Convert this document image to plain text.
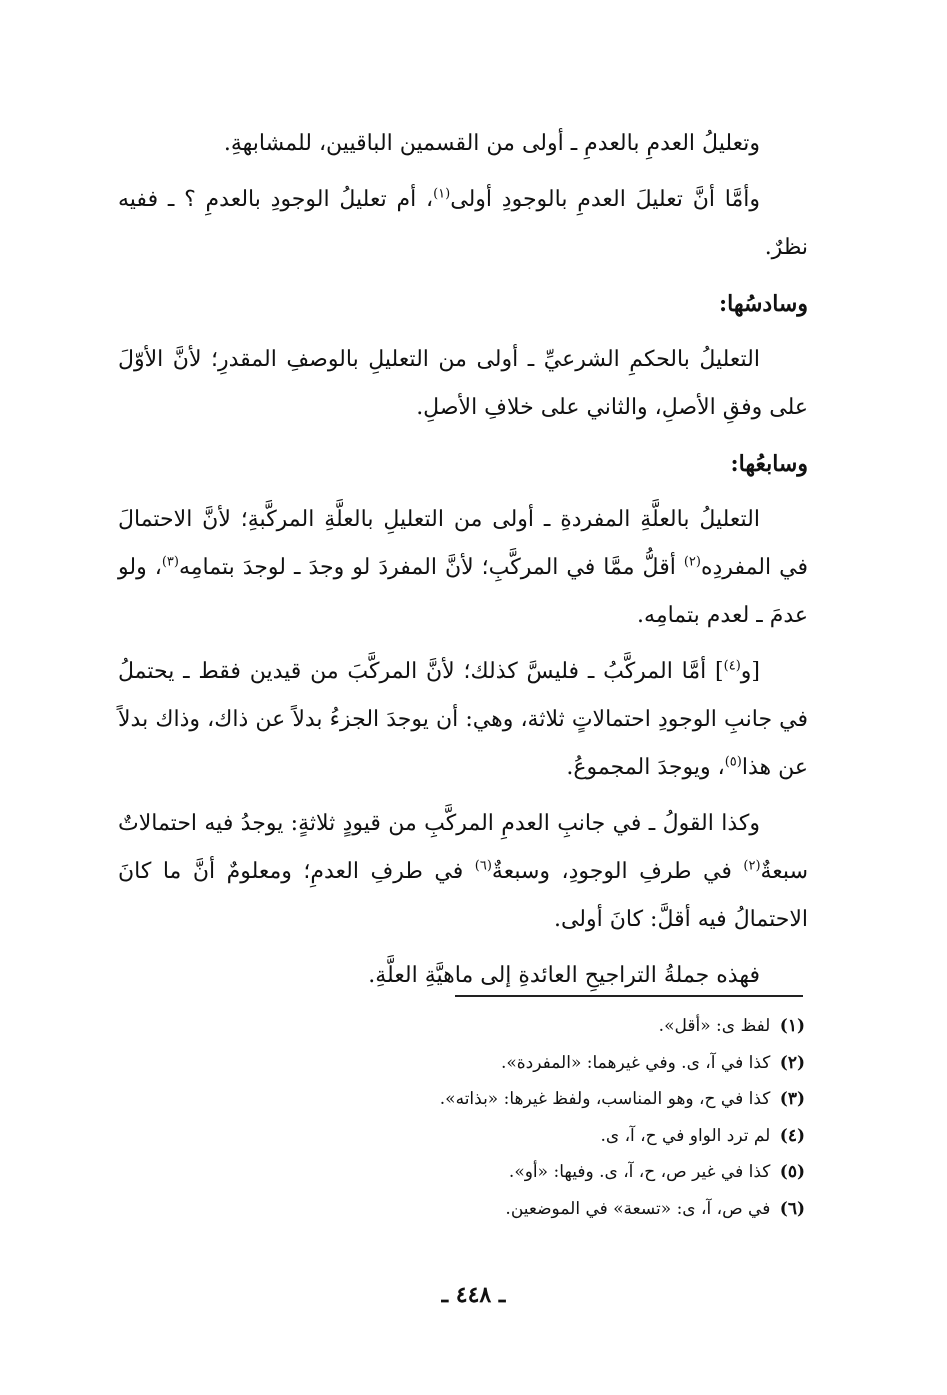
وتعليلُ العدمِ بالعدمِ ـ أولى من القسمين الباقيين، للمشابهةِ.

وأمَّا أنَّ تعليلَ العدمِ بالوجودِ أولى$^{(١)}$، أم تعليلُ الوجودِ بالعدمِ ؟ ـ ففيه نظرٌ.

وسادسُها:

التعليلُ بالحكمِ الشرعيِّ ـ أولى من التعليلِ بالوصفِ المقدرِ؛ لأنَّ الأوّلَ على وفقِ الأصلِ، والثاني على خلافِ الأصلِ.

وسابعُها:

التعليلُ بالعلَّةِ المفردةِ ـ أولى من التعليلِ بالعلَّةِ المركَّبةِ؛ لأنَّ الاحتمالَ في المفردِه$^{(٢)}$ أقلُّ ممَّا في المركَّبِ؛ لأنَّ المفردَ لو وجدَ ـ لوجدَ بتمامِه$^{(٣)}$، ولو عدمَ ـ لعدم بتمامِه.

[و$^{(٤)}$] أمَّا المركَّبُ ـ فليسَّ كذلك؛ لأنَّ المركَّبَ من قيدين فقط ـ يحتملُ في جانبِ الوجودِ احتمالاتٍ ثلاثة، وهي: أن يوجدَ الجزءُ بدلاً عن ذاك، وذاك بدلاً عن هذا$^{(٥)}$، ويوجدَ المجموعُ.

وكذا القولُ ـ في جانبِ العدمِ المركَّبِ من قيودٍ ثلاثةٍ: يوجدُ فيه احتمالاتٌ سبعةٌ$^{(٢)}$ في طرفِ الوجودِ، وسبعةٌ$^{(٦)}$ في طرفِ العدمِ؛ ومعلومٌ أنَّ ما كانَ الاحتمالُ فيه أقلَّ: كانَ أولى.

فهذه جملةُ التراجيحِ العائدةِ إلى ماهيَّةِ العلَّةِ.

(١) لفظ ى: «أقل».

(٢) كذا في آ، ى. وفي غيرهما: «المفردة».

(٣) كذا في ح، وهو المناسب، ولفظ غيرها: «بذاته».

(٤) لم ترد الواو في ح، آ، ى.

(٥) كذا في غير ص، ح، آ، ى. وفيها: «أو».

(٦) في ص، آ، ى: «تسعة» في الموضعين.

ـ ٤٤٨ ـ
